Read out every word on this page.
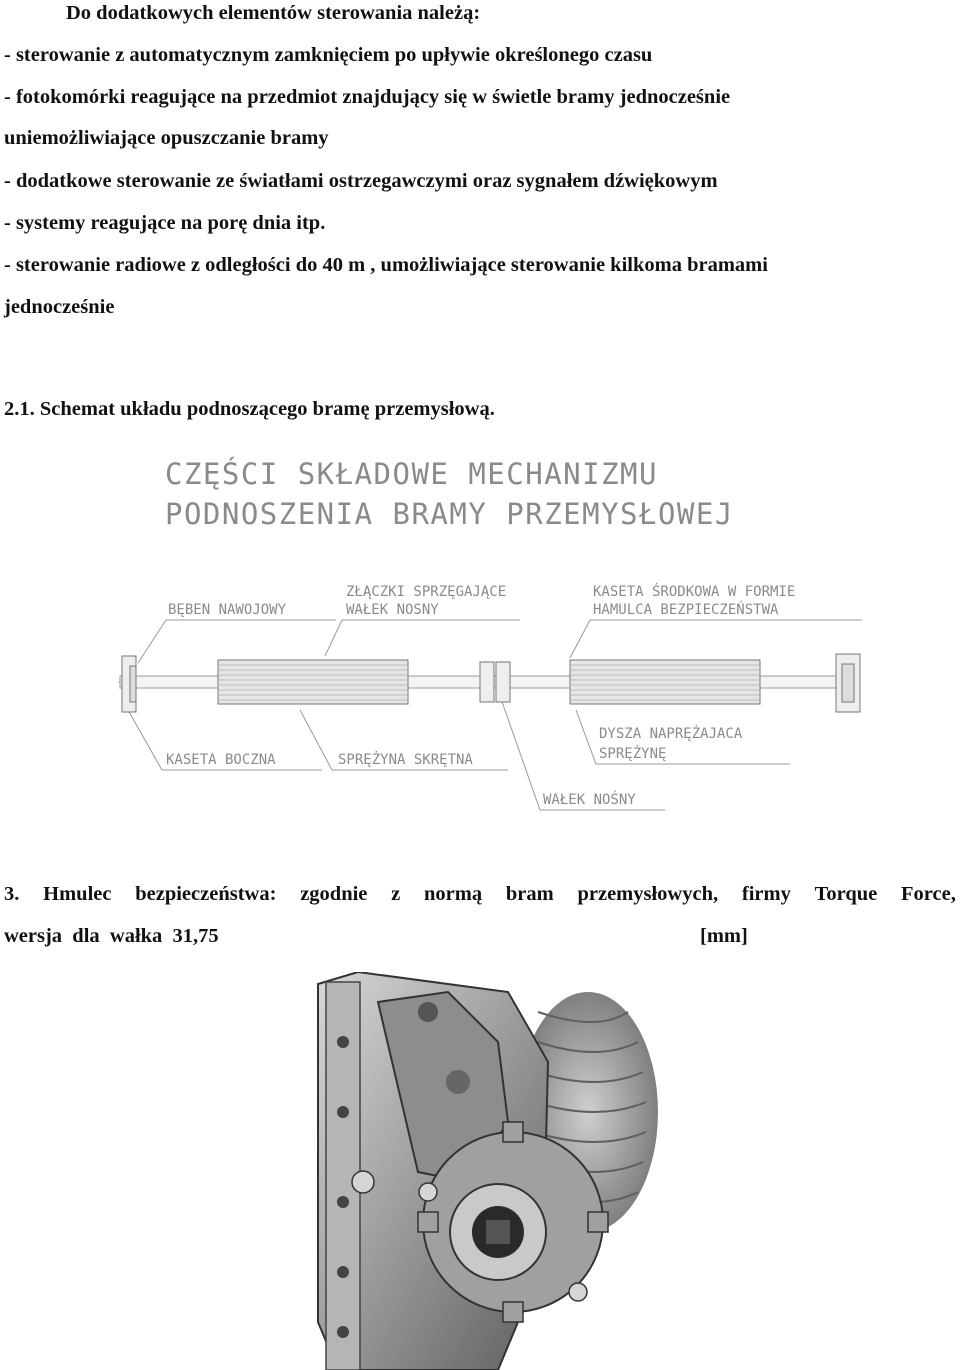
Do dodatkowych elementów sterowania należą:

- sterowanie z automatycznym zamknięciem po upływie określonego czasu

- fotokomórki reagujące na przedmiot znajdujący się w świetle bramy jednocześnie

uniemożliwiające opuszczanie bramy

- dodatkowe sterowanie ze światłami ostrzegawczymi oraz sygnałem dźwiękowym

- systemy reagujące na porę dnia itp.

- sterowanie radiowe z odległości do 40 m , umożliwiające sterowanie kilkoma bramami

jednocześnie

2.1. Schemat układu podnoszącego bramę przemysłową.

CZĘŚCI SKŁADOWE MECHANIZMU
PODNOSZENIA BRAMY PRZEMYSŁOWEJ
BĘBEN NAWOJOWY
ZŁĄCZKI SPRZĘGAJĄCE
WAŁEK NOSNY
KASETA ŚRODKOWA W FORMIE
HAMULCA BEZPIECZEŃSTWA
KASETA BOCZNA	SPRĘŻYNA SKRĘTNA
DYSZA NAPRĘŻAJACA
SPRĘŻYNĘ
WAŁEK NOŚNY
3. Hmulec bezpieczeństwa: zgodnie z normą bram przemysłowych, firmy Torque Force,

wersja  dla  wałka  31,75	[mm]
